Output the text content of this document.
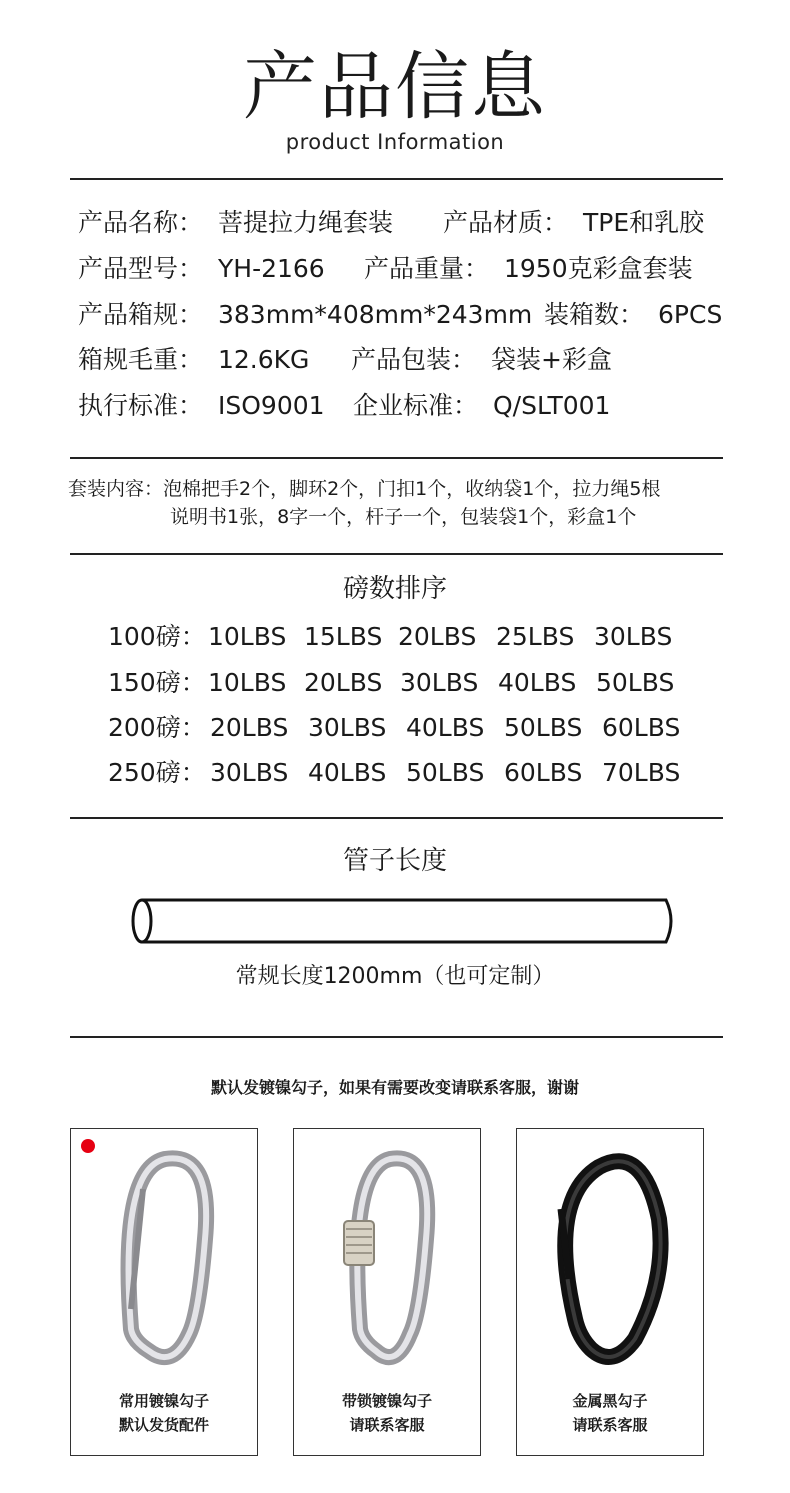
产品信息
product Information
产品名称： 菩提拉力绳套装 产品材质： TPE和乳胶
产品型号： YH-2166 产品重量： 1950克彩盒套装
产品箱规： 383mm*408mm*243mm 装箱数： 6PCS
箱规毛重： 12.6KG 产品包装： 袋装+彩盒
执行标准： ISO9001 企业标准： Q/SLT001
套装内容：泡棉把手2个，脚环2个，门扣1个，收纳袋1个，拉力绳5根
说明书1张，8字一个，杆子一个，包装袋1个，彩盒1个
磅数排序
100磅： 10LBS 15LBS 20LBS 25LBS 30LBS
150磅： 10LBS 20LBS 30LBS 40LBS 50LBS
200磅： 20LBS 30LBS 40LBS 50LBS 60LBS
250磅： 30LBS 40LBS 50LBS 60LBS 70LBS
管子长度
常规长度1200mm（也可定制）
默认发镀镍勾子，如果有需要改变请联系客服，谢谢
常用镀镍勾子
默认发货配件
带锁镀镍勾子
请联系客服
金属黑勾子
请联系客服
